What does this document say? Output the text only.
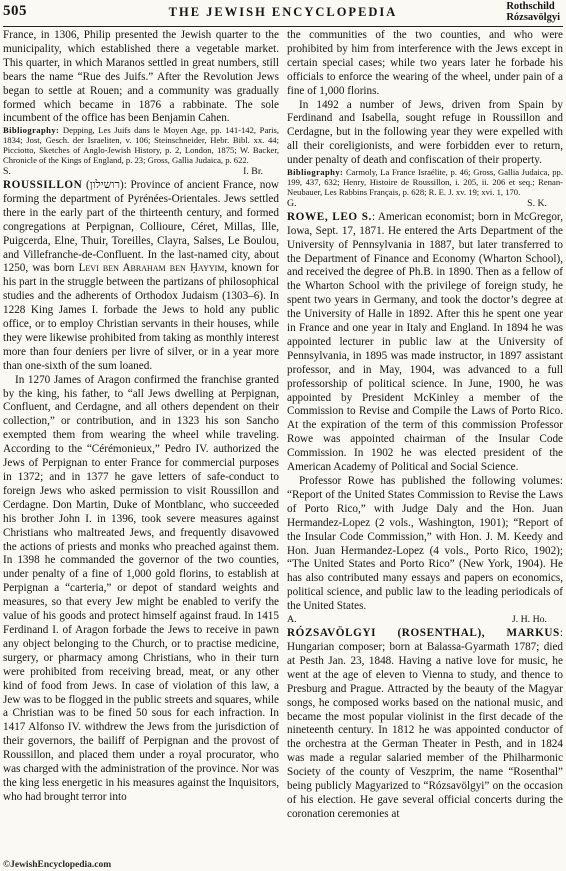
505	THE JEWISH ENCYCLOPEDIA	Rothschild
Rózsavölgyi

France, in 1306, Philip presented the Jewish quarter to the municipality, which established there a vegetable market. This quarter, in which Maranos settled in great numbers, still bears the name “Rue des Juifs.” After the Revolution Jews began to settle at Rouen; and a community was gradually formed which became in 1876 a rabbinate. The sole incumbent of the office has been Benjamin Cahen.

Bibliography: Depping, Les Juifs dans le Moyen Age, pp. 141-142, Paris, 1834; Jost, Gesch. der Israeliten, v. 106; Steinschneider, Hebr. Bibl. xx. 44; Picciotto, Sketches of Anglo-Jewish History, p. 2, London, 1875; W. Backer, Chronicle of the Kings of England, p. 23; Gross, Gallia Judaica, p. 622.

S.	I. Br.

ROUSSILLON (רושילון): Province of ancient France, now forming the department of Pyrénées-Orientales. Jews settled there in the early part of the thirteenth century, and formed congregations at Perpignan, Collioure, Céret, Millas, Ille, Puigcerda, Elne, Thuir, Toreilles, Clayra, Salses, Le Boulou, and Villefranche-de-Confluent. In the last-named city, about 1250, was born Levi ben Abraham ben Ḥayyim, known for his part in the struggle between the partizans of philosophical studies and the adherents of Orthodox Judaism (1303–6). In 1228 King James I. forbade the Jews to hold any public office, or to employ Christian servants in their houses, while they were likewise prohibited from taking as monthly interest more than four deniers per livre of silver, or in a year more than one-sixth of the sum loaned.

In 1270 James of Aragon confirmed the franchise granted by the king, his father, to “all Jews dwelling at Perpignan, Confluent, and Cerdagne, and all others dependent on their collection,” or contribution, and in 1323 his son Sancho exempted them from wearing the wheel while traveling. According to the “Cérémonieux,” Pedro IV. authorized the Jews of Perpignan to enter France for commercial purposes in 1372; and in 1377 he gave letters of safe-conduct to foreign Jews who asked permission to visit Roussillon and Cerdagne. Don Martin, Duke of Montblanc, who succeeded his brother John I. in 1396, took severe measures against Christians who maltreated Jews, and frequently disavowed the actions of priests and monks who preached against them. In 1398 he commanded the governor of the two counties, under penalty of a fine of 1,000 gold florins, to establish at Perpignan a “carteria,” or depot of standard weights and measures, so that every Jew might be enabled to verify the value of his goods and protect himself against fraud. In 1415 Ferdinand I. of Aragon forbade the Jews to receive in pawn any object belonging to the Church, or to practise medicine, surgery, or pharmacy among Christians, who in their turn were prohibited from receiving bread, meat, or any other kind of food from Jews. In case of violation of this law, a Jew was to be flogged in the public streets and squares, while a Christian was to be fined 50 sous for each infraction. In 1417 Alfonso IV. withdrew the Jews from the jurisdiction of their governors, the bailiff of Perpignan and the provost of Roussillon, and placed them under a royal procurator, who was charged with the administration of the province. Nor was the king less energetic in his measures against the Inquisitors, who had brought terror into

the communities of the two counties, and who were prohibited by him from interference with the Jews except in certain special cases; while two years later he forbade his officials to enforce the wearing of the wheel, under pain of a fine of 1,000 florins.

In 1492 a number of Jews, driven from Spain by Ferdinand and Isabella, sought refuge in Roussillon and Cerdagne, but in the following year they were expelled with all their coreligionists, and were forbidden ever to return, under penalty of death and confiscation of their property.

Bibliography: Carmoly, La France Israélite, p. 46; Gross, Gallia Judaica, pp. 199, 437, 632; Henry, Histoire de Roussillon, i. 205, ii. 206 et seq.; Renan-Neubauer, Les Rabbins Français, p. 628; R. E. J. xv. 19; xvi. 1, 170.

G.	S. K.

ROWE, LEO S.: American economist; born in McGregor, Iowa, Sept. 17, 1871. He entered the Arts Department of the University of Pennsylvania in 1887, but later transferred to the Department of Finance and Economy (Wharton School), and received the degree of Ph.B. in 1890. Then as a fellow of the Wharton School with the privilege of foreign study, he spent two years in Germany, and took the doctor’s degree at the University of Halle in 1892. After this he spent one year in France and one year in Italy and England. In 1894 he was appointed lecturer in public law at the University of Pennsylvania, in 1895 was made instructor, in 1897 assistant professor, and in May, 1904, was advanced to a full professorship of political science. In June, 1900, he was appointed by President McKinley a member of the Commission to Revise and Compile the Laws of Porto Rico. At the expiration of the term of this commission Professor Rowe was appointed chairman of the Insular Code Commission. In 1902 he was elected president of the American Academy of Political and Social Science.

Professor Rowe has published the following volumes: “Report of the United States Commission to Revise the Laws of Porto Rico,” with Judge Daly and the Hon. Juan Hermandez-Lopez (2 vols., Washington, 1901); “Report of the Insular Code Commission,” with Hon. J. M. Keedy and Hon. Juan Hermandez-Lopez (4 vols., Porto Rico, 1902); “The United States and Porto Rico” (New York, 1904). He has also contributed many essays and papers on economics, political science, and public law to the leading periodicals of the United States.

A.	J. H. Ho.

RÓZSAVÖLGYI (ROSENTHAL), MARKUS: Hungarian composer; born at Balassa-Gyarmath 1787; died at Pesth Jan. 23, 1848. Having a native love for music, he went at the age of eleven to Vienna to study, and thence to Presburg and Prague. Attracted by the beauty of the Magyar songs, he composed works based on the national music, and became the most popular violinist in the first decade of the nineteenth century. In 1812 he was appointed conductor of the orchestra at the German Theater in Pesth, and in 1824 was made a regular salaried member of the Philharmonic Society of the county of Veszprim, the name “Rosenthal” being publicly Magyarized to “Rózsavölgyi” on the occasion of his election. He gave several official concerts during the coronation ceremonies at

©JewishEncyclopedia.com
